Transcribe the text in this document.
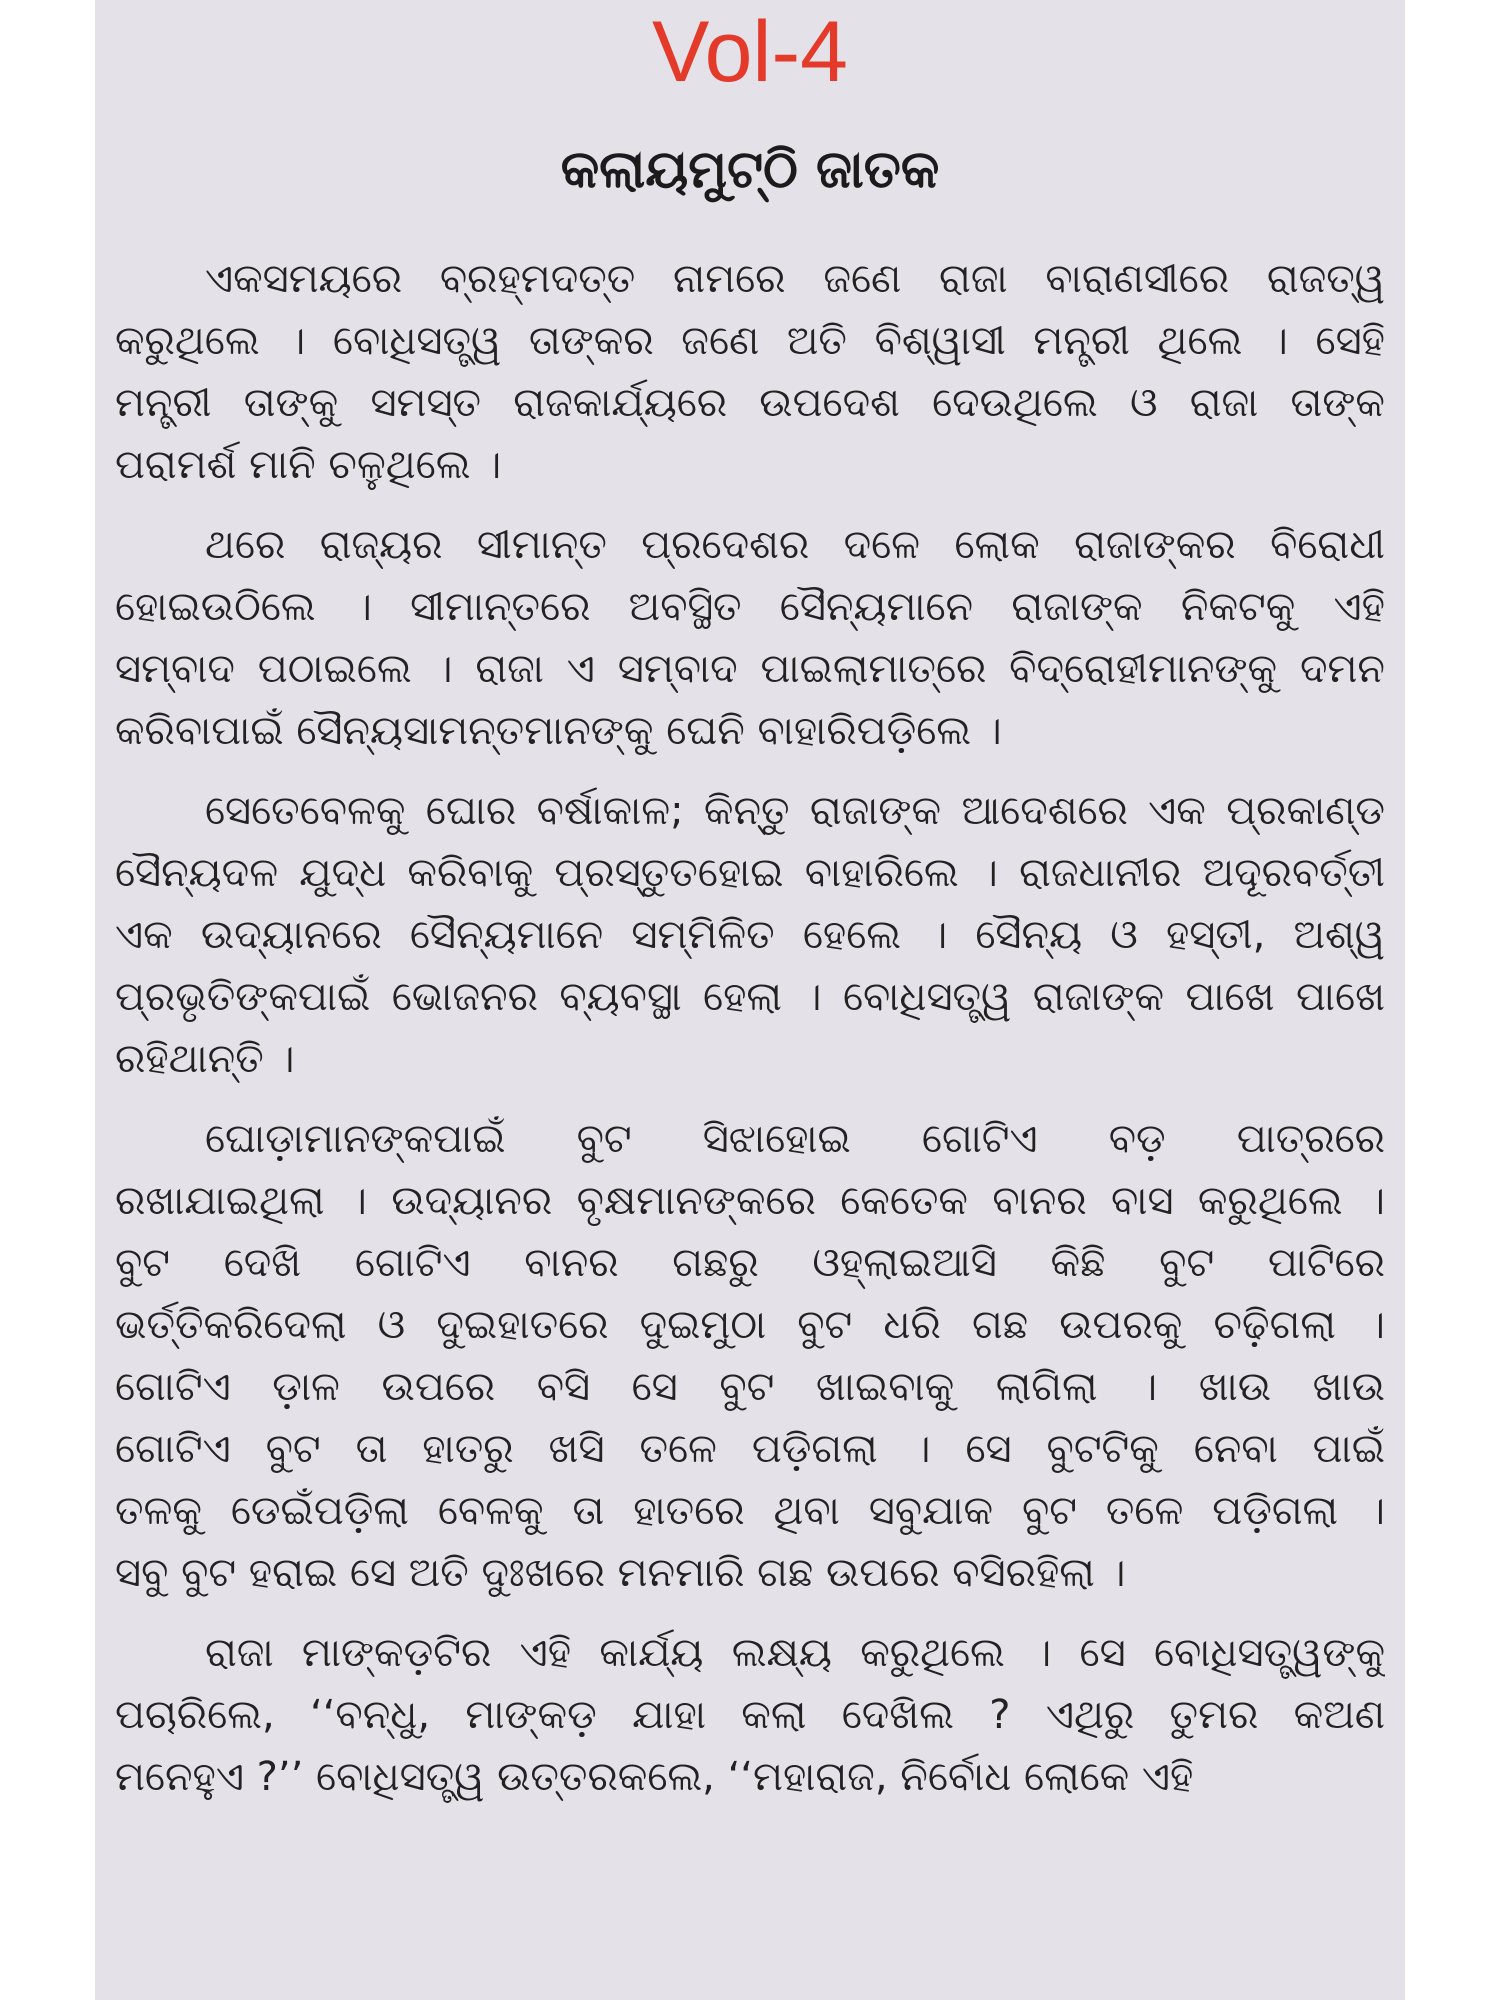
Vol-4
କଲାୟମୁଟ୍‌ଠି ଜାତକ
ଏକସମୟରେ ବ୍ରହ୍ମଦତ୍ତ ନାମରେ ଜଣେ ରାଜା ବାରାଣସୀରେ ରାଜତ୍ୱ
କରୁଥିଲେ । ବୋଧିସତ୍ତ୍ୱ ତାଙ୍କର ଜଣେ ଅତି ବିଶ୍ୱାସୀ ମନ୍ତ୍ରୀ ଥିଲେ । ସେହି
ମନ୍ତ୍ରୀ ତାଙ୍କୁ ସମସ୍ତ ରାଜକାର୍ଯ୍ୟରେ ଉପଦେଶ ଦେଉଥିଲେ ଓ ରାଜା ତାଙ୍କ
ପରାମର୍ଶ ମାନି ଚଳୁଥିଲେ ।
ଥରେ ରାଜ୍ୟର ସୀମାନ୍ତ ପ୍ରଦେଶର ଦଳେ ଲୋକ ରାଜାଙ୍କର ବିରୋଧୀ
ହୋଇଉଠିଲେ । ସୀମାନ୍ତରେ ଅବସ୍ଥିତ ସୈନ୍ୟମାନେ ରାଜାଙ୍କ ନିକଟକୁ ଏହି
ସମ୍ବାଦ ପଠାଇଲେ । ରାଜା ଏ ସମ୍ବାଦ ପାଇଲାମାତ୍ରେ ବିଦ୍ରୋହୀମାନଙ୍କୁ ଦମନ
କରିବାପାଇଁ ସୈନ୍ୟସାମନ୍ତମାନଙ୍କୁ ଘେନି ବାହାରିପଡ଼ିଲେ ।
ସେତେବେଳକୁ ଘୋର ବର୍ଷାକାଳ; କିନ୍ତୁ ରାଜାଙ୍କ ଆଦେଶରେ ଏକ ପ୍ରକାଣ୍ଡ
ସୈନ୍ୟଦଳ ଯୁଦ୍ଧ କରିବାକୁ ପ୍ରସ୍ତୁତହୋଇ ବାହାରିଲେ । ରାଜଧାନୀର ଅଦୂରବର୍ତ୍ତୀ
ଏକ ଉଦ୍ୟାନରେ ସୈନ୍ୟମାନେ ସମ୍ମିଳିତ ହେଲେ । ସୈନ୍ୟ ଓ ହସ୍ତୀ, ଅଶ୍ୱ
ପ୍ରଭୃତିଙ୍କପାଇଁ ଭୋଜନର ବ୍ୟବସ୍ଥା ହେଲା । ବୋଧିସତ୍ତ୍ୱ ରାଜାଙ୍କ ପାଖେ ପାଖେ
ରହିଥାନ୍ତି ।
ଘୋଡ଼ାମାନଙ୍କପାଇଁ ବୁଟ ସିଝାହୋଇ ଗୋଟିଏ ବଡ଼ ପାତ୍ରରେ
ରଖାଯାଇଥିଲା । ଉଦ୍ୟାନର ବୃକ୍ଷମାନଙ୍କରେ କେତେକ ବାନର ବାସ କରୁଥିଲେ ।
ବୁଟ ଦେଖି ଗୋଟିଏ ବାନର ଗଛରୁ ଓହ୍ଲାଇଆସି କିଛି ବୁଟ ପାଟିରେ
ଭର୍ତ୍ତିକରିଦେଲା ଓ ଦୁଇହାତରେ ଦୁଇମୁଠା ବୁଟ ଧରି ଗଛ ଉପରକୁ ଚଢ଼ିଗଲା ।
ଗୋଟିଏ ଡ଼ାଳ ଉପରେ ବସି ସେ ବୁଟ ଖାଇବାକୁ ଲାଗିଲା । ଖାଉ ଖାଉ
ଗୋଟିଏ ବୁଟ ତା ହାତରୁ ଖସି ତଳେ ପଡ଼ିଗଲା । ସେ ବୁଟଟିକୁ ନେବା ପାଇଁ
ତଳକୁ ଡେଇଁପଡ଼ିଲା ବେଳକୁ ତା ହାତରେ ଥିବା ସବୁଯାକ ବୁଟ ତଳେ ପଡ଼ିଗଲା ।
ସବୁ ବୁଟ ହରାଇ ସେ ଅତି ଦୁଃଖରେ ମନମାରି ଗଛ ଉପରେ ବସିରହିଲା ।
ରାଜା ମାଙ୍କଡ଼ଟିର ଏହି କାର୍ଯ୍ୟ ଲକ୍ଷ୍ୟ କରୁଥିଲେ । ସେ ବୋଧିସତ୍ତ୍ୱଙ୍କୁ
ପଚାରିଲେ, ‘‘ବନ୍ଧୁ, ମାଙ୍କଡ଼ ଯାହା କଲା ଦେଖିଲ ? ଏଥିରୁ ତୁମର କଅଣ
ମନେହୁଏ ?’’ ବୋଧିସତ୍ତ୍ୱ ଉତ୍ତରକଲେ, ‘‘ମହାରାଜ, ନିର୍ବୋଧ ଲୋକେ ଏହି
